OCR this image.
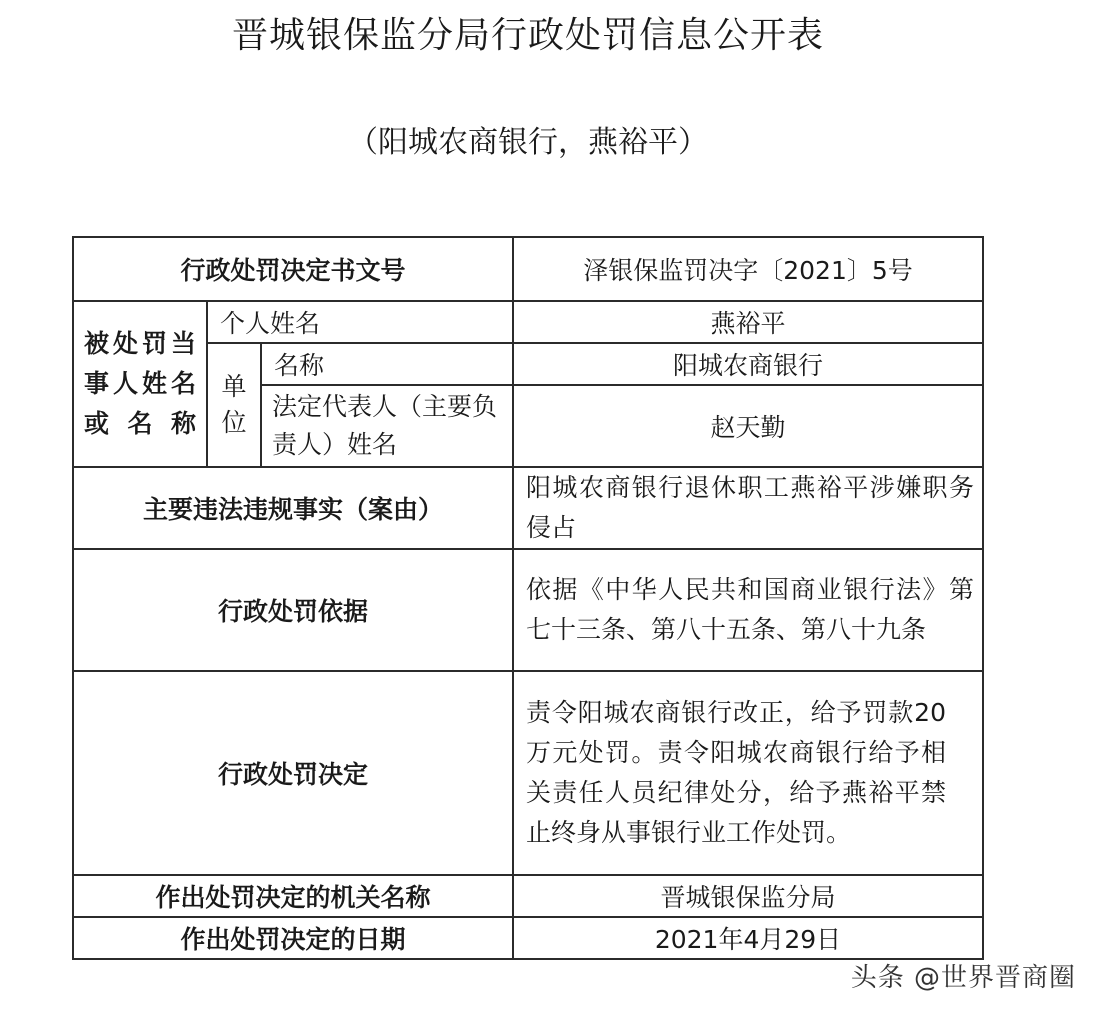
晋城银保监分局行政处罚信息公开表
（阳城农商银行，燕裕平）
行政处罚决定书文号			泽银保监罚决字〔2021〕5号

被处罚当事人姓名或名称	个人姓名		燕裕平

	单位	名称	阳城农商银行
		法定代表人（主要负责人）姓名	赵天勤
主要违法违规事实（案由）			阳城农商银行退休职工燕裕平涉嫌职务侵占
行政处罚依据			依据《中华人民共和国商业银行法》第七十三条、第八十五条、第八十九条
行政处罚决定			责令阳城农商银行改正，给予罚款20万元处罚。责令阳城农商银行给予相关责任人员纪律处分，给予燕裕平禁止终身从事银行业工作处罚。
作出处罚决定的机关名称			晋城银保监分局
作出处罚决定的日期			2021年4月29日
头条 @世界晋商圈
